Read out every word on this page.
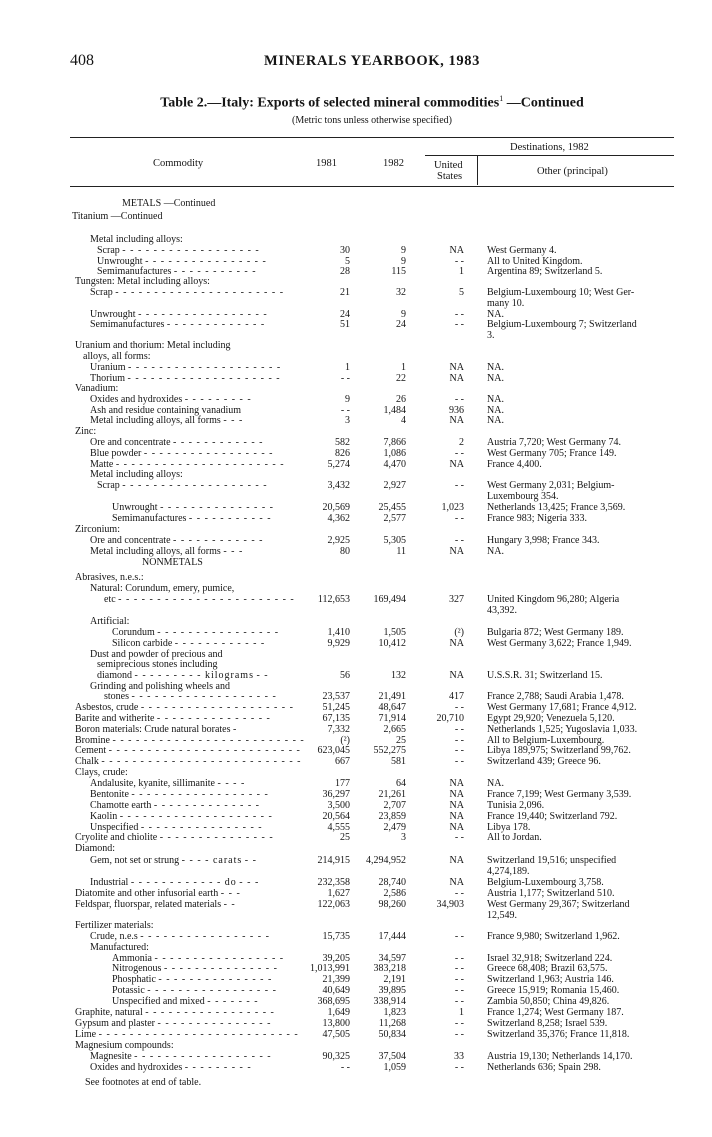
408	MINERALS YEARBOOK, 1983
Table 2.—Italy: Exports of selected mineral commodities$^1$ —Continued
(Metric tons unless otherwise specified)
Commodity	1981	1982
Destinations, 1982
United
States	Other (principal)
METALS —Continued
Titanium —Continued
Metal including alloys:
Scrap - - - - - - - - - - - - - - - - - -	30	9	NA West Germany 4.
Unwrought - - - - - - - - - - - - - - - -	5	9	- - All to United Kingdom.
Semimanufactures - - - - - - - - - - -	28	115	1 Argentina 89; Switzerland 5.
Tungsten: Metal including alloys:
Scrap - - - - - - - - - - - - - - - - - - - - - -	21	32	5 Belgium-Luxembourg 10; West Ger-
many 10.
Unwrought - - - - - - - - - - - - - - - - -	24	9	- - NA.
Semimanufactures - - - - - - - - - - - - -	51	24	- - Belgium-Luxembourg 7; Switzerland
3.
Uranium and thorium: Metal including
alloys, all forms:
Uranium - - - - - - - - - - - - - - - - - - - -	1	1	NA NA.
Thorium - - - - - - - - - - - - - - - - - - - -	- -	22	NA NA.
Vanadium:
Oxides and hydroxides - - - - - - - - -	9	26	- - NA.
Ash and residue containing vanadium	- -	1,484	936 NA.
Metal including alloys, all forms - - -	3	4	NA NA.
Zinc:
Ore and concentrate - - - - - - - - - - - -	582	7,866	2 Austria 7,720; West Germany 74.
Blue powder - - - - - - - - - - - - - - - - -	826	1,086	- - West Germany 705; France 149.
Matte - - - - - - - - - - - - - - - - - - - - - -	5,274	4,470	NA France 4,400.
Metal including alloys:
Scrap - - - - - - - - - - - - - - - - - - -	3,432	2,927	- - West Germany 2,031; Belgium-
Luxembourg 354.
Unwrought - - - - - - - - - - - - - - -	20,569	25,455	1,023 Netherlands 13,425; France 3,569.
Semimanufactures - - - - - - - - - - -	4,362	2,577	- - France 983; Nigeria 333.
Zirconium:
Ore and concentrate - - - - - - - - - - - -	2,925	5,305	- - Hungary 3,998; France 343.
Metal including alloys, all forms - - -	80	11	NA NA.
NONMETALS
Abrasives, n.e.s.:
Natural: Corundum, emery, pumice,
etc - - - - - - - - - - - - - - - - - - - - - - -	112,653	169,494	327 United Kingdom 96,280; Algeria
43,392.
Artificial:
Corundum - - - - - - - - - - - - - - - -	1,410	1,505	(²) Bulgaria 872; West Germany 189.
Silicon carbide - - - - - - - - - - - -	9,929	10,412	NA West Germany 3,622; France 1,949.
Dust and powder of precious and
semiprecious stones including
diamond - - - - - - - - - kilograms - -	56	132	NA U.S.S.R. 31; Switzerland 15.
Grinding and polishing wheels and
stones - - - - - - - - - - - - - - - - - - -	23,537	21,491	417 France 2,788; Saudi Arabia 1,478.
Asbestos, crude - - - - - - - - - - - - - - - - - - - -	51,245	48,647	- - West Germany 17,681; France 4,912.
Barite and witherite - - - - - - - - - - - - - - -	67,135	71,914	20,710 Egypt 29,920; Venezuela 5,120.
Boron materials: Crude natural borates -	7,332	2,665	- - Netherlands 1,525; Yugoslavia 1,033.
Bromine - - - - - - - - - - - - - - - - - - - - - - - - -	(²)	25	- - All to Belgium-Luxembourg.
Cement - - - - - - - - - - - - - - - - - - - - - - - - -	623,045	552,275	- - Libya 189,975; Switzerland 99,762.
Chalk - - - - - - - - - - - - - - - - - - - - - - - - - -	667	581	- - Switzerland 439; Greece 96.
Clays, crude:
Andalusite, kyanite, sillimanite - - - -	177	64	NA NA.
Bentonite - - - - - - - - - - - - - - - - - -	36,297	21,261	NA France 7,199; West Germany 3,539.
Chamotte earth - - - - - - - - - - - - - -	3,500	2,707	NA Tunisia 2,096.
Kaolin - - - - - - - - - - - - - - - - - - - -	20,564	23,859	NA France 19,440; Switzerland 792.
Unspecified - - - - - - - - - - - - - - - -	4,555	2,479	NA Libya 178.
Cryolite and chiolite - - - - - - - - - - - - - - -	25	3	- - All to Jordan.
Diamond:
Gem, not set or strung - - - - carats - -	214,915	4,294,952	NA Switzerland 19,516; unspecified
4,274,189.
Industrial - - - - - - - - - - - - do - - -	232,358	28,740	NA Belgium-Luxembourg 3,758.
Diatomite and other infusorial earth - - -	1,627	2,586	- - Austria 1,177; Switzerland 510.
Feldspar, fluorspar, related materials - -	122,063	98,260	34,903 West Germany 29,367; Switzerland
12,549.
Fertilizer materials:
Crude, n.e.s - - - - - - - - - - - - - - - - -	15,735	17,444	- - France 9,980; Switzerland 1,962.
Manufactured:
Ammonia - - - - - - - - - - - - - - - - -	39,205	34,597	- - Israel 32,918; Switzerland 224.
Nitrogenous - - - - - - - - - - - - - - -	1,013,991	383,218	- - Greece 68,408; Brazil 63,575.
Phosphatic - - - - - - - - - - - - - - -	21,399	2,191	- - Switzerland 1,963; Austria 146.
Potassic - - - - - - - - - - - - - - - - -	40,649	39,895	- - Greece 15,919; Romania 15,460.
Unspecified and mixed - - - - - - -	368,695	338,914	- - Zambia 50,850; China 49,826.
Graphite, natural - - - - - - - - - - - - - - - - -	1,649	1,823	1 France 1,274; West Germany 187.
Gypsum and plaster - - - - - - - - - - - - - - -	13,800	11,268	- - Switzerland 8,258; Israel 539.
Lime - - - - - - - - - - - - - - - - - - - - - - - - - -	47,505	50,834	- - Switzerland 35,376; France 11,818.
Magnesium compounds:
Magnesite - - - - - - - - - - - - - - - - - -	90,325	37,504	33 Austria 19,130; Netherlands 14,170.
Oxides and hydroxides - - - - - - - - -	- -	1,059	- - Netherlands 636; Spain 298.
See footnotes at end of table.
